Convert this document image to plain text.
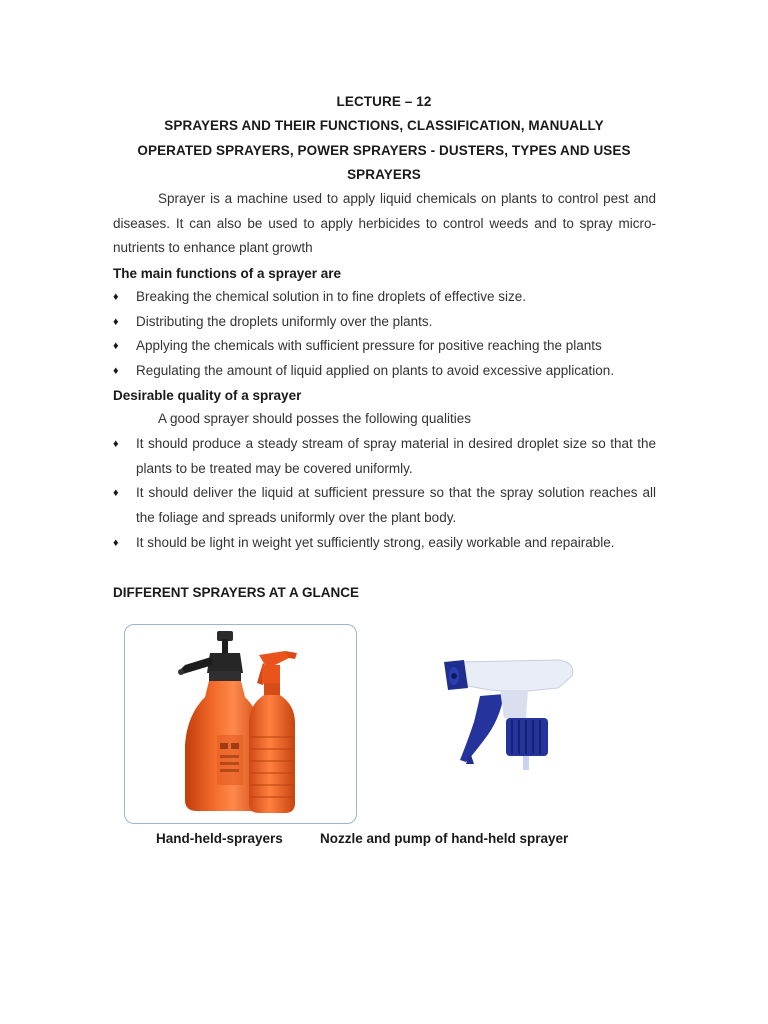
LECTURE – 12
SPRAYERS AND THEIR FUNCTIONS, CLASSIFICATION, MANUALLY
OPERATED SPRAYERS, POWER SPRAYERS - DUSTERS, TYPES AND USES
SPRAYERS
Sprayer is a machine used to apply liquid chemicals on plants to control pest and diseases. It can also be used to apply herbicides to control weeds and to spray micro-nutrients to enhance plant growth
The main functions of a sprayer are
♦ Breaking the chemical solution in to fine droplets of effective size.
♦ Distributing the droplets uniformly over the plants.
♦ Applying the chemicals with sufficient pressure for positive reaching the plants
♦ Regulating the amount of liquid applied on plants to avoid excessive application.
Desirable quality of a sprayer
A good sprayer should posses the following qualities
♦ It should produce a steady stream of spray material in desired droplet size so that the plants to be treated may be covered uniformly.
♦ It should deliver the liquid at sufficient pressure so that the spray solution reaches all the foliage and spreads uniformly over the plant body.
♦ It should be light in weight yet sufficiently strong, easily workable and repairable.
DIFFERENT SPRAYERS AT A GLANCE
Hand-held-sprayers	Nozzle and pump of hand-held sprayer
